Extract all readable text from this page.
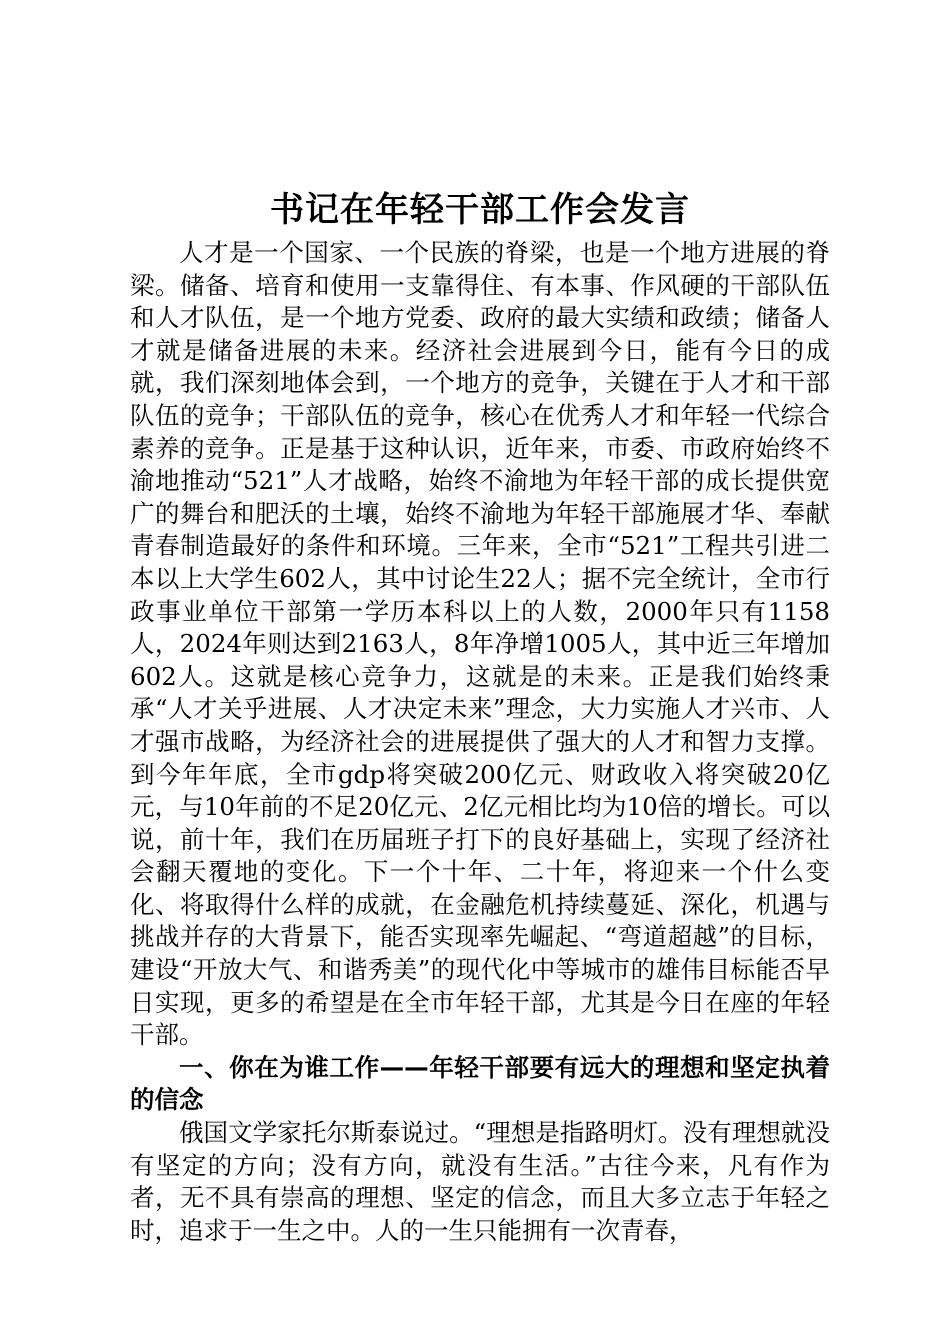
书记在年轻干部工作会发言

人才是一个国家、一个民族的脊梁，也是一个地方进展的脊梁。储备、培育和使用一支靠得住、有本事、作风硬的干部队伍和人才队伍，是一个地方党委、政府的最大实绩和政绩；储备人才就是储备进展的未来。经济社会进展到今日，能有今日的成就，我们深刻地体会到，一个地方的竞争，关键在于人才和干部队伍的竞争；干部队伍的竞争，核心在优秀人才和年轻一代综合素养的竞争。正是基于这种认识，近年来，市委、市政府始终不渝地推动“521”人才战略，始终不渝地为年轻干部的成长提供宽广的舞台和肥沃的土壤，始终不渝地为年轻干部施展才华、奉献青春制造最好的条件和环境。三年来，全市“521”工程共引进二本以上大学生602人，其中讨论生22人；据不完全统计，全市行政事业单位干部第一学历本科以上的人数，2000年只有1158人，2024年则达到2163人，8年净增1005人，其中近三年增加602人。这就是核心竞争力，这就是的未来。正是我们始终秉承“人才关乎进展、人才决定未来”理念，大力实施人才兴市、人才强市战略，为经济社会的进展提供了强大的人才和智力支撑。到今年年底，全市gdp将突破200亿元、财政收入将突破20亿元，与10年前的不足20亿元、2亿元相比均为10倍的增长。可以说，前十年，我们在历届班子打下的良好基础上，实现了经济社会翻天覆地的变化。下一个十年、二十年，将迎来一个什么变化、将取得什么样的成就，在金融危机持续蔓延、深化，机遇与挑战并存的大背景下，能否实现率先崛起、“弯道超越”的目标，建设“开放大气、和谐秀美”的现代化中等城市的雄伟目标能否早日实现，更多的希望是在全市年轻干部，尤其是今日在座的年轻干部。

一、你在为谁工作——年轻干部要有远大的理想和坚定执着的信念

俄国文学家托尔斯泰说过。“理想是指路明灯。没有理想就没有坚定的方向；没有方向，就没有生活。”古往今来，凡有作为者，无不具有崇高的理想、坚定的信念，而且大多立志于年轻之时，追求于一生之中。人的一生只能拥有一次青春，
